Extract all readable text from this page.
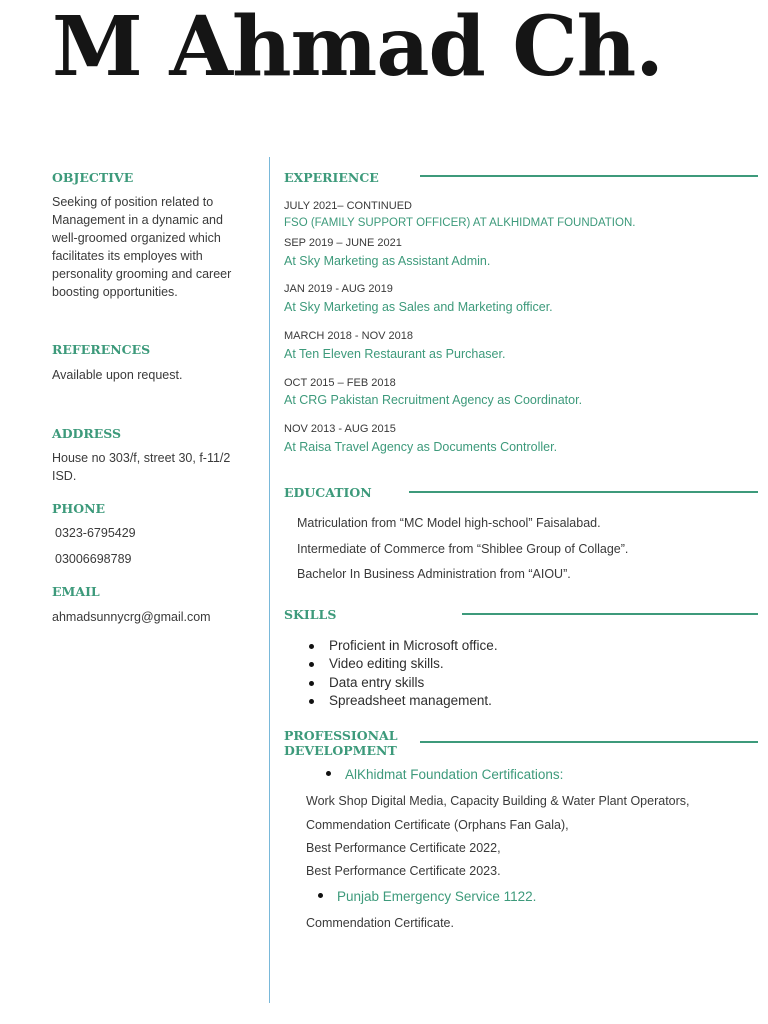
M Ahmad Ch.
OBJECTIVE

Seeking of position related to

Management in a dynamic and

well-groomed organized which

facilitates its employes with

personality grooming and career

boosting opportunities.

REFERENCES

Available upon request.

ADDRESS

House no 303/f, street 30, f-11/2

ISD.

PHONE

0323-6795429

03006698789

EMAIL

ahmadsunnycrg@gmail.com

EXPERIENCE

JULY 2021– CONTINUED

FSO (FAMILY SUPPORT OFFICER) AT ALKHIDMAT FOUNDATION.

SEP 2019 – JUNE 2021

At Sky Marketing as Assistant Admin.

JAN 2019 - AUG 2019

At Sky Marketing as Sales and Marketing officer.

MARCH 2018 - NOV 2018

At Ten Eleven Restaurant as Purchaser.

OCT 2015 – FEB 2018

At CRG Pakistan Recruitment Agency as Coordinator.

NOV 2013 - AUG 2015

At Raisa Travel Agency as Documents Controller.

EDUCATION

Matriculation from “MC Model high-school” Faisalabad.

Intermediate of Commerce from “Shiblee Group of Collage”.

Bachelor In Business Administration from “AIOU”.

SKILLS
Proficient in Microsoft office.
Video editing skills.
Data entry skills
Spreadsheet management.
PROFESSIONAL
DEVELOPMENT

AlKhidmat Foundation Certifications:

Work Shop Digital Media, Capacity Building & Water Plant Operators,

Commendation Certificate (Orphans Fan Gala),

Best Performance Certificate 2022,

Best Performance Certificate 2023.

Punjab Emergency Service 1122.

Commendation Certificate.
